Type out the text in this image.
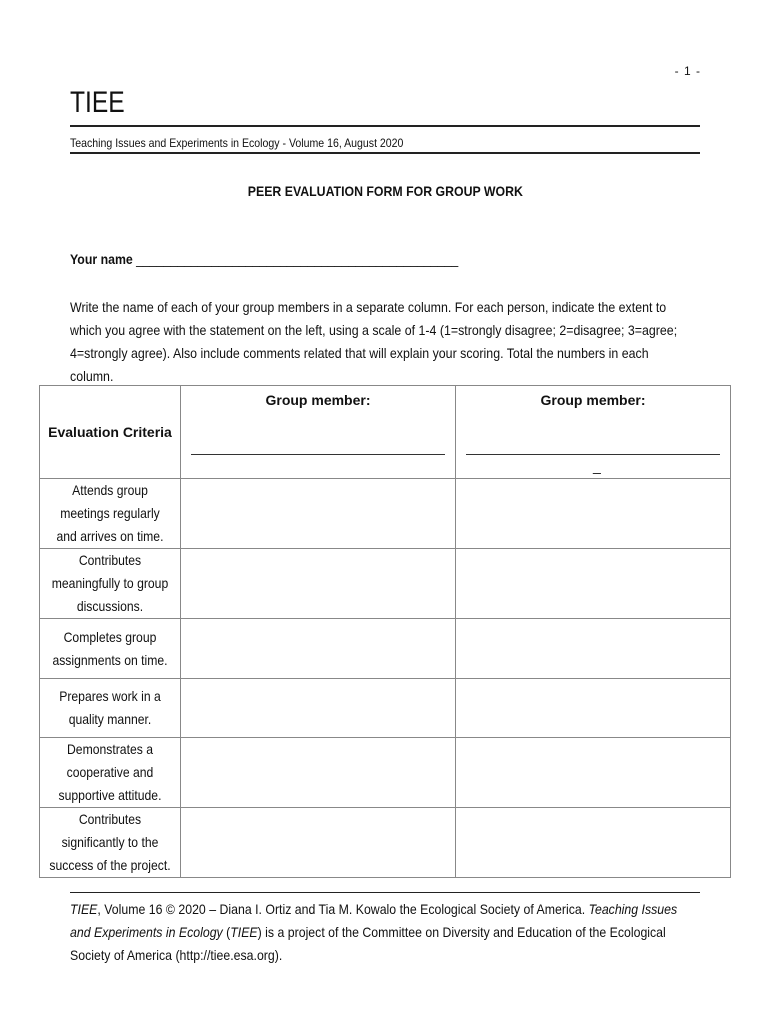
- 1 -
TIEE
Teaching Issues and Experiments in Ecology - Volume 16, August 2020
PEER EVALUATION FORM FOR GROUP WORK
Your name _______________________________________________
Write the name of each of your group members in a separate column. For each person, indicate the extent to which you agree with the statement on the left, using a scale of 1-4 (1=strongly disagree; 2=disagree; 3=agree; 4=strongly agree). Also include comments related that will explain your scoring. Total the numbers in each column.
Evaluation Criteria	Group member:	Group member:
_

Attends group meetings regularly and arrives on time.		
Contributes meaningfully to group discussions.		
Completes group assignments on time.		
Prepares work in a quality manner.		
Demonstrates a cooperative and supportive attitude.		
Contributes significantly to the success of the project.		
TIEE, Volume 16 © 2020 – Diana I. Ortiz and Tia M. Kowalo the Ecological Society of America. Teaching Issues and Experiments in Ecology (TIEE) is a project of the Committee on Diversity and Education of the Ecological Society of America (http://tiee.esa.org).
